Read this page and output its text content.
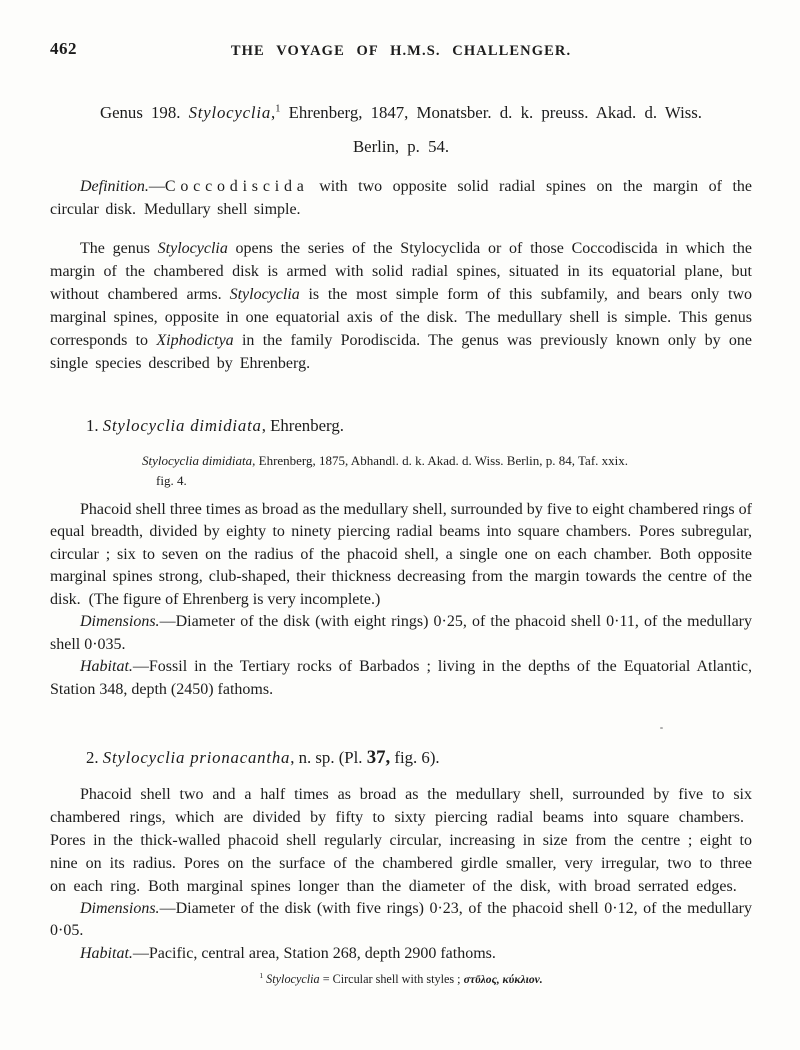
462	THE VOYAGE OF H.M.S. CHALLENGER.
Genus 198. Stylocyclia,$^1$ Ehrenberg, 1847, Monatsber. d. k. preuss. Akad. d. Wiss.
Berlin, p. 54.

Definition.—Coccodiscida with two opposite solid radial spines on the margin of the circular disk. Medullary shell simple.

The genus Stylocyclia opens the series of the Stylocyclida or of those Coccodiscida in which the margin of the chambered disk is armed with solid radial spines, situated in its equatorial plane, but without chambered arms. Stylocyclia is the most simple form of this subfamily, and bears only two marginal spines, opposite in one equatorial axis of the disk. The medullary shell is simple. This genus corresponds to Xiphodictya in the family Porodiscida. The genus was previously known only by one single species described by Ehrenberg.

1. Stylocyclia dimidiata, Ehrenberg.

Stylocyclia dimidiata, Ehrenberg, 1875, Abhandl. d. k. Akad. d. Wiss. Berlin, p. 84, Taf. xxix.
fig. 4.

Phacoid shell three times as broad as the medullary shell, surrounded by five to eight chambered rings of equal breadth, divided by eighty to ninety piercing radial beams into square chambers. Pores subregular, circular ; six to seven on the radius of the phacoid shell, a single one on each chamber. Both opposite marginal spines strong, club-shaped, their thickness decreasing from the margin towards the centre of the disk. (The figure of Ehrenberg is very incomplete.)

Dimensions.—Diameter of the disk (with eight rings) 0·25, of the phacoid shell 0·11, of the medullary shell 0·035.

Habitat.—Fossil in the Tertiary rocks of Barbados ; living in the depths of the Equatorial Atlantic, Station 348, depth (2450) fathoms.

2. Stylocyclia prionacantha, n. sp. (Pl. 37, fig. 6).

Phacoid shell two and a half times as broad as the medullary shell, surrounded by five to six chambered rings, which are divided by fifty to sixty piercing radial beams into square chambers. Pores in the thick-walled phacoid shell regularly circular, increasing in size from the centre ; eight to nine on its radius. Pores on the surface of the chambered girdle smaller, very irregular, two to three on each ring. Both marginal spines longer than the diameter of the disk, with broad serrated edges.

Dimensions.—Diameter of the disk (with five rings) 0·23, of the phacoid shell 0·12, of the medullary 0·05.

Habitat.—Pacific, central area, Station 268, depth 2900 fathoms.

$^1$ Stylocyclia = Circular shell with styles ; στῦλος, κύκλιον.
